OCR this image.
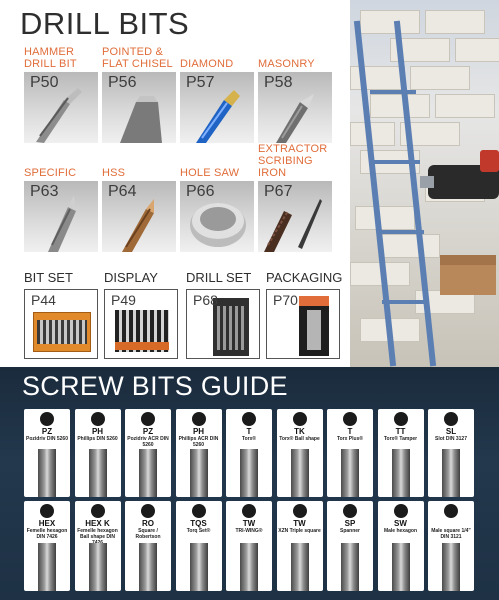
DRILL BITS
HAMMER DRILL BIT
P50
POINTED & FLAT CHISEL
P56
DIAMOND
P57
MASONRY
P58
SPECIFIC
P63
HSS
P64
HOLE SAW
P66
EXTRACTOR SCRIBING IRON
P67
BIT SET
P44
DISPLAY
P49
DRILL SET
P68
PACKAGING
P70
SCREW BITS GUIDE
PZ
Pozidriv DIN 5260
PH
Phillips DIN 5260
PZ
Pozidriv ACR DIN 5260
PH
Phillips ACR DIN 5260
T
Torx®
TK
Torx® Ball shape
T
Torx Plus®
TT
Torx® Tamper
SL
Slot DIN 3127
HEX
Femelle hexagon DIN 7426
HEX K
Femelle hexagon Ball shape DIN
RO
Square / Robertson
TQS
Torq Set®
TW
TRI-WING®
TW
XZN Triple square
SP
Spanner
SW
Male hexagon	Male square 1/4" DIN 3121
